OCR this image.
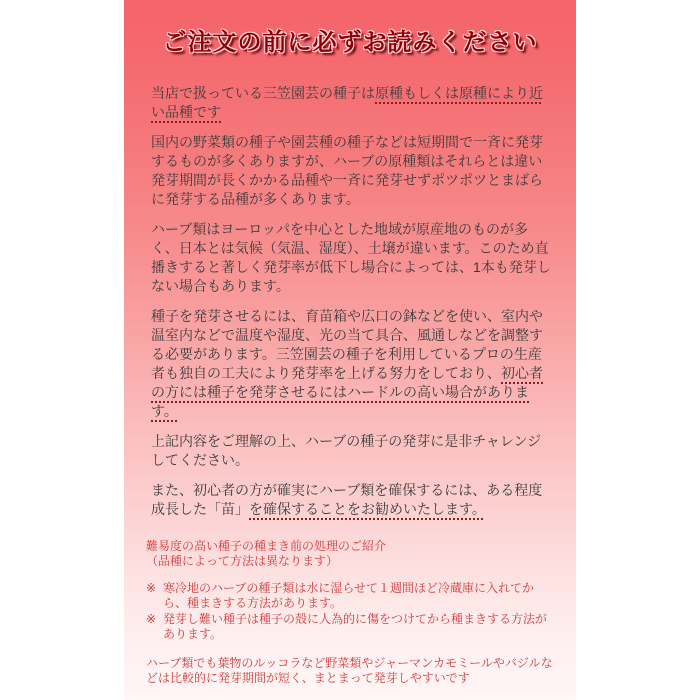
ご注文の前に必ずお読みください

当店で扱っている三笠園芸の種子は原種もしくは原種により近い品種です

国内の野菜類の種子や園芸種の種子などは短期間で一斉に発芽するものが多くありますが、ハーブの原種類はそれらとは違い発芽期間が長くかかる品種や一斉に発芽せずポツポツとまばらに発芽する品種が多くあります。

ハーブ類はヨーロッパを中心とした地域が原産地のものが多く、日本とは気候（気温、湿度）、土壌が違います。このため直播きすると著しく発芽率が低下し場合によっては、1本も発芽しない場合もあります。

種子を発芽させるには、育苗箱や広口の鉢などを使い、室内や温室内などで温度や湿度、光の当て具合、風通しなどを調整する必要があります。三笠園芸の種子を利用しているプロの生産者も独自の工夫により発芽率を上げる努力をしており、初心者の方には種子を発芽させるにはハードルの高い場合があります。

上記内容をご理解の上、ハーブの種子の発芽に是非チャレンジしてください。

また、初心者の方が確実にハーブ類を確保するには、ある程度成長した「苗」を確保することをお勧めいたします。

難易度の高い種子の種まき前の処理のご紹介
（品種によって方法は異なります）

※ 寒冷地のハーブの種子類は水に湿らせて１週間ほど冷蔵庫に入れてから、種まきする方法があります。
※ 発芽し難い種子は種子の殻に人為的に傷をつけてから種まきする方法があります。

ハーブ類でも葉物のルッコラなど野菜類やジャーマンカモミールやバジルなどは比較的に発芽期間が短く、まとまって発芽しやすいです
